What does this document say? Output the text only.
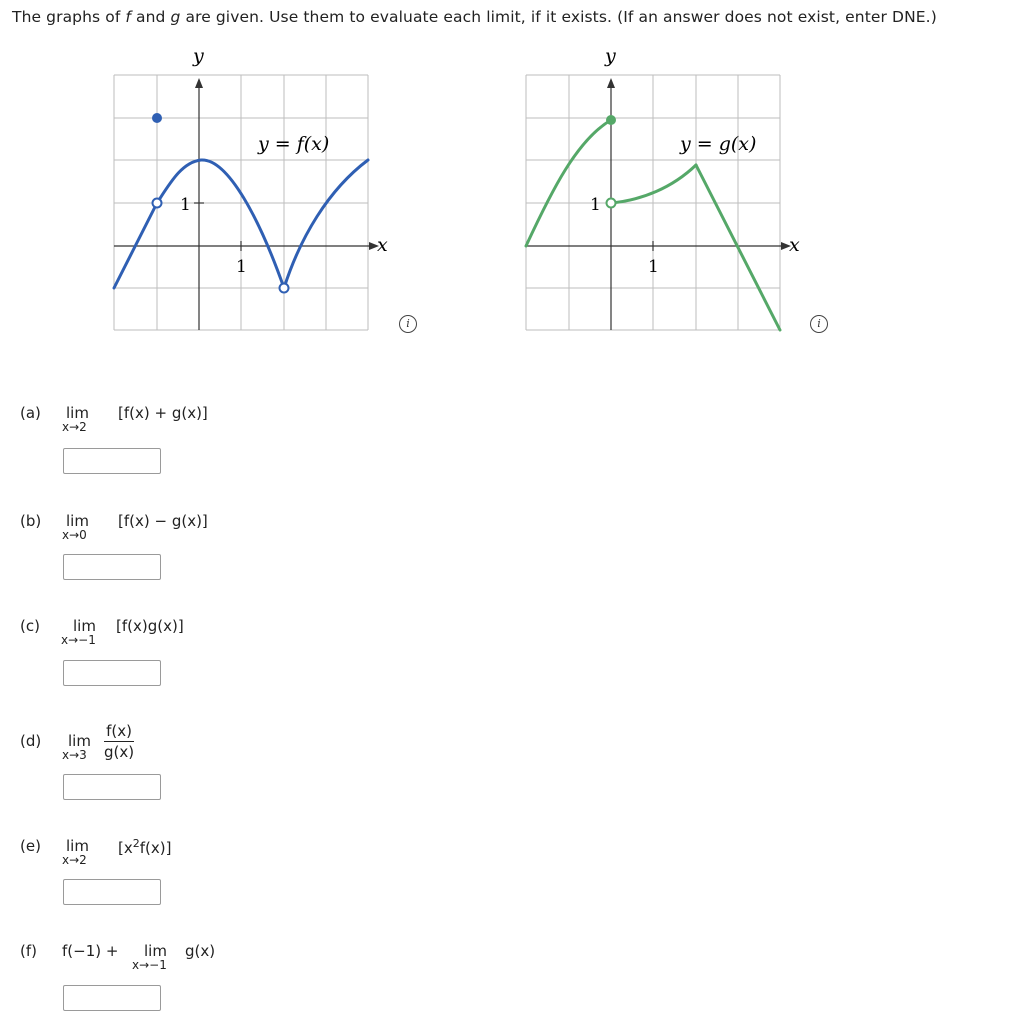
The graphs of f and g are given. Use them to evaluate each limit, if it exists. (If an answer does not exist, enter DNE.)
y
x
1
1
y = f(x)
i
y
x
1
1
y = g(x)
i
(a) lim
x→2
[f(x) + g(x)]
(b) lim
x→0
[f(x) − g(x)]
(c) lim
x→−1
[f(x)g(x)]
(d) lim
$x\to 3 \frac{f(x)}{g(x)}$
(e) lim
x→2
$[x^2f(x)]$
(f) f(−1) + lim
x→−1
g(x)
